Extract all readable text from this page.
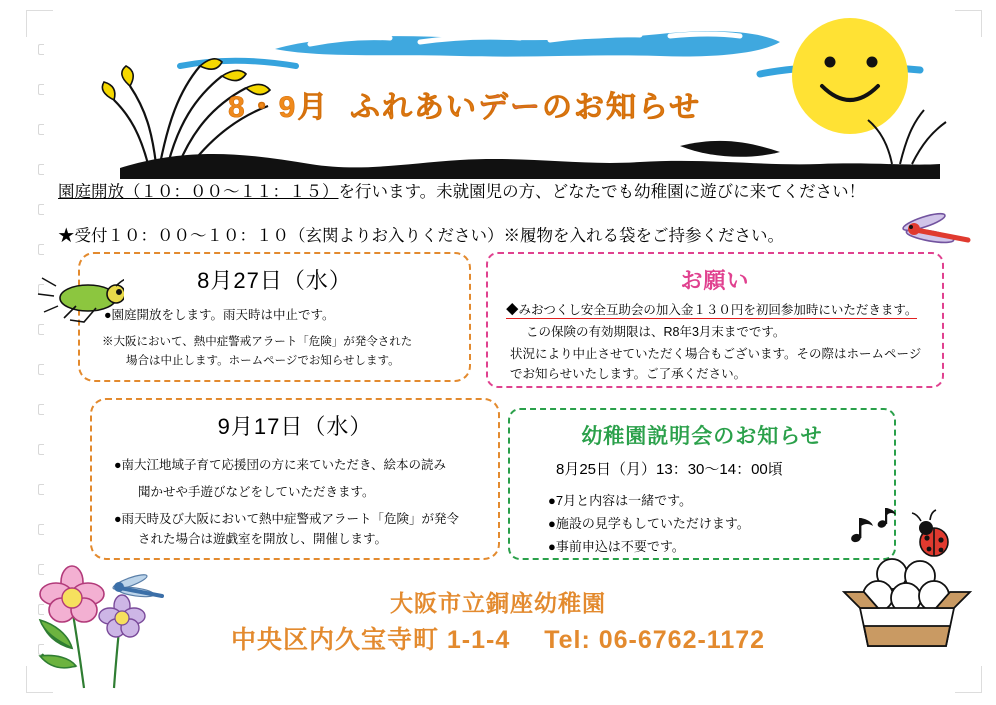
8・9月 ふれあいデーのお知らせ
園庭開放（１０：００～１１：１５）を行います。未就園児の方、どなたでも幼稚園に遊びに来てください！
★受付１０：００～１０：１０（玄関よりお入りください）※履物を入れる袋をご持参ください。
8月27日（水）
●園庭開放をします。雨天時は中止です。
※大阪において、熱中症警戒アラート「危険」が発令された
場合は中止します。ホームページでお知らせします。
お願い
◆みおつくし安全互助会の加入金１３０円を初回参加時にいただきます。
この保険の有効期限は、R8年3月末までです。
状況により中止させていただく場合もございます。その際はホームページ
でお知らせいたします。ご了承ください。
9月17日（水）
●南大江地域子育て応援団の方に来ていただき、絵本の読み
聞かせや手遊びなどをしていただきます。
●雨天時及び大阪において熱中症警戒アラート「危険」が発令
された場合は遊戯室を開放し、開催します。
幼稚園説明会のお知らせ
8月25日（月）13：30～14：00頃
●7月と内容は一緒です。
●施設の見学もしていただけます。
●事前申込は不要です。
大阪市立銅座幼稚園
中央区内久宝寺町 1-1-4　 Tel: 06-6762-1172
